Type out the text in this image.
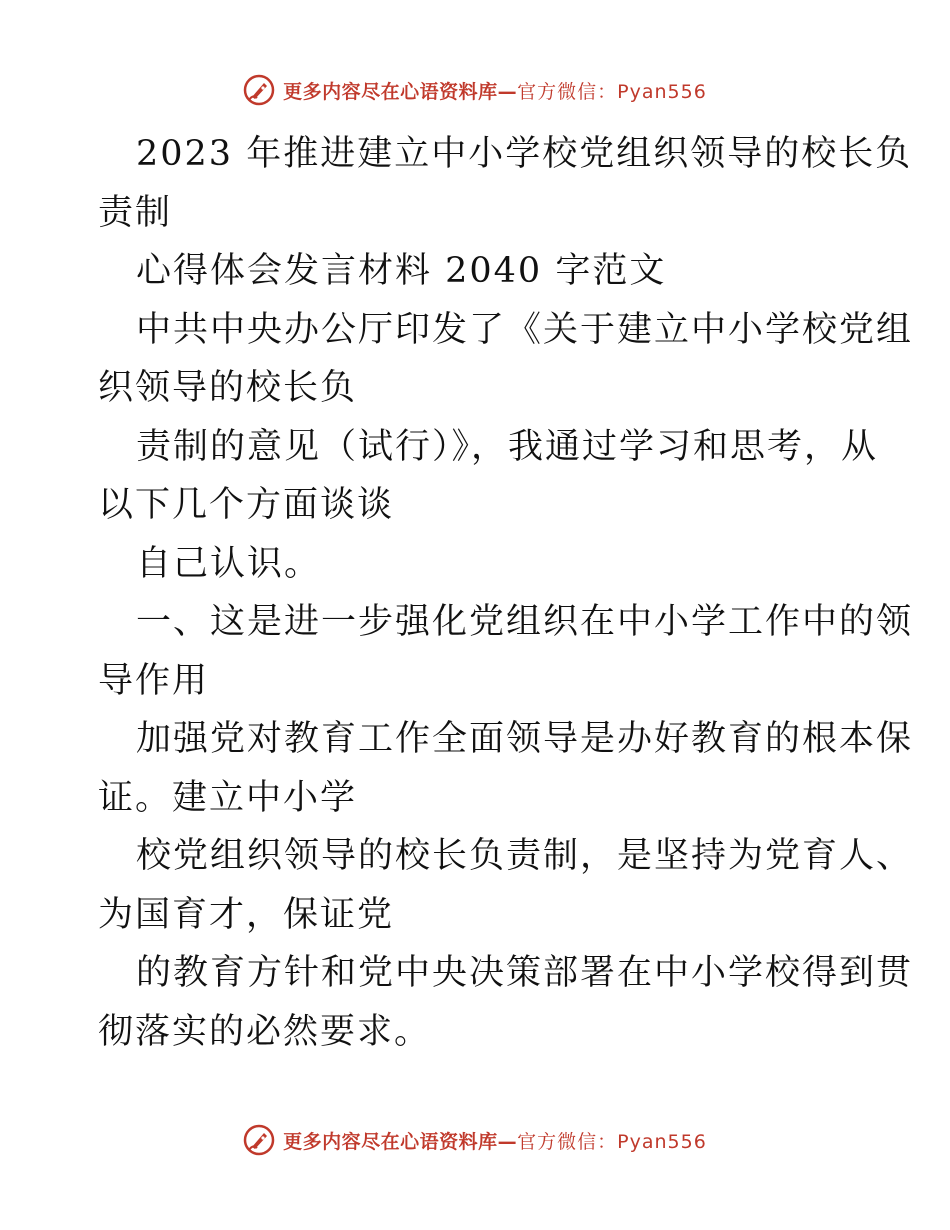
更多内容尽在心语资料库—官方微信：Pyan556
2023 年推进建立中小学校党组织领导的校长负
责制
心得体会发言材料 2040 字范文
中共中央办公厅印发了《关于建立中小学校党组
织领导的校长负
责制的意见（试行）》，我通过学习和思考，从
以下几个方面谈谈
自己认识。
一、这是进一步强化党组织在中小学工作中的领
导作用
加强党对教育工作全面领导是办好教育的根本保
证。建立中小学
校党组织领导的校长负责制，是坚持为党育人、
为国育才，保证党
的教育方针和党中央决策部署在中小学校得到贯
彻落实的必然要求。
更多内容尽在心语资料库—官方微信：Pyan556
